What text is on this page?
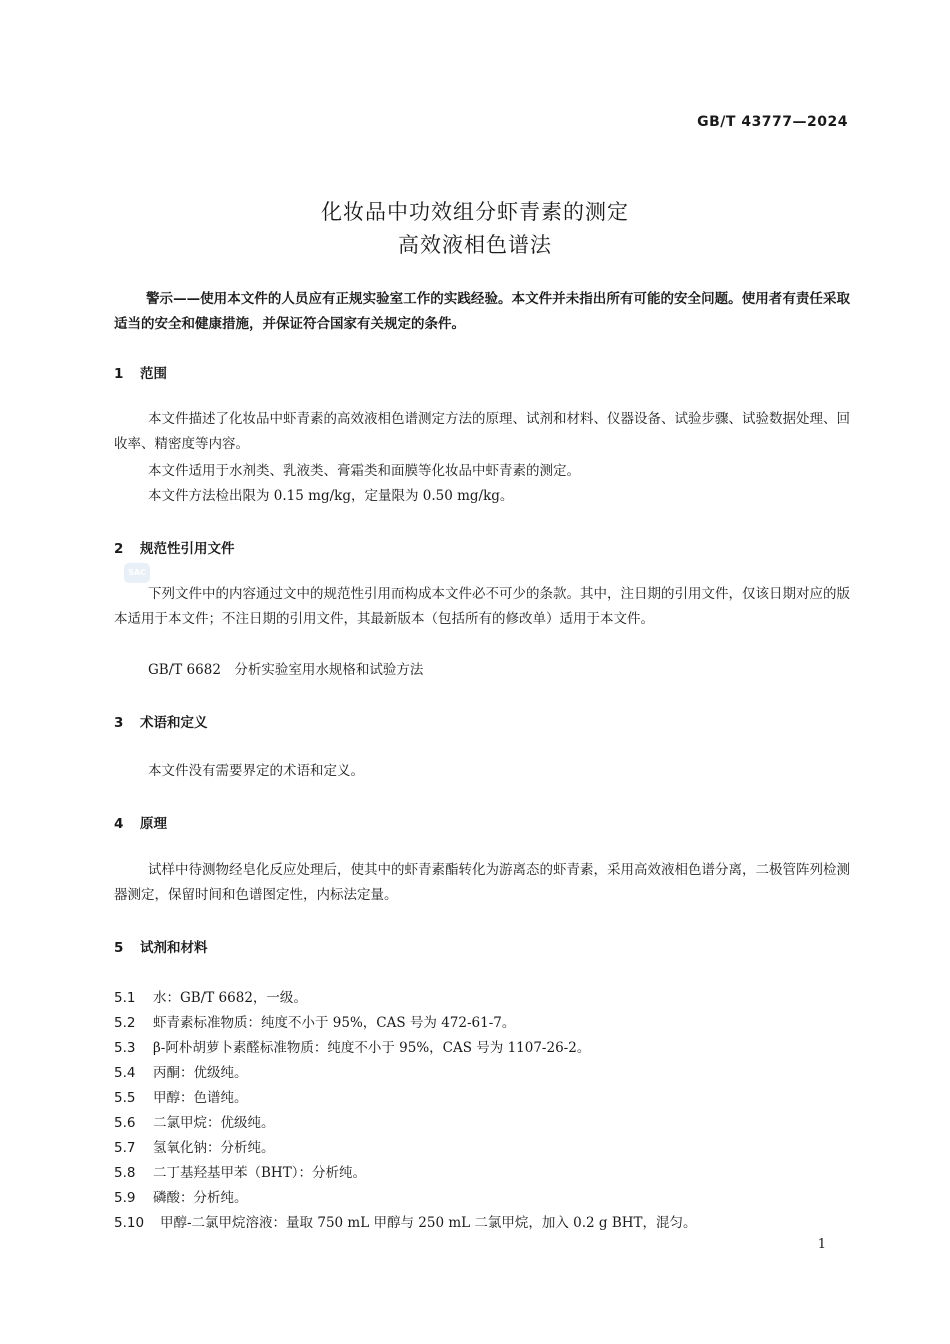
GB/T 43777—2024
化妆品中功效组分虾青素的测定
高效液相色谱法
警示——使用本文件的人员应有正规实验室工作的实践经验。本文件并未指出所有可能的安全问题。使用者有责任采取适当的安全和健康措施，并保证符合国家有关规定的条件。
1 范围
本文件描述了化妆品中虾青素的高效液相色谱测定方法的原理、试剂和材料、仪器设备、试验步骤、试验数据处理、回收率、精密度等内容。
本文件适用于水剂类、乳液类、膏霜类和面膜等化妆品中虾青素的测定。
本文件方法检出限为 0.15 mg/kg，定量限为 0.50 mg/kg。
2 规范性引用文件
SAC
下列文件中的内容通过文中的规范性引用而构成本文件必不可少的条款。其中，注日期的引用文件，仅该日期对应的版本适用于本文件；不注日期的引用文件，其最新版本（包括所有的修改单）适用于本文件。
GB/T 6682　分析实验室用水规格和试验方法
3 术语和定义
本文件没有需要界定的术语和定义。
4 原理
试样中待测物经皂化反应处理后，使其中的虾青素酯转化为游离态的虾青素，采用高效液相色谱分离，二极管阵列检测器测定，保留时间和色谱图定性，内标法定量。
5 试剂和材料
5.1 水：GB/T 6682，一级。
5.2 虾青素标准物质：纯度不小于 95%，CAS 号为 472-61-7。
5.3 β-阿朴胡萝卜素醛标准物质：纯度不小于 95%，CAS 号为 1107-26-2。
5.4 丙酮：优级纯。
5.5 甲醇：色谱纯。
5.6 二氯甲烷：优级纯。
5.7 氢氧化钠：分析纯。
5.8 二丁基羟基甲苯（BHT）：分析纯。
5.9 磷酸：分析纯。
5.10 甲醇-二氯甲烷溶液：量取 750 mL 甲醇与 250 mL 二氯甲烷，加入 0.2 g BHT，混匀。
1
